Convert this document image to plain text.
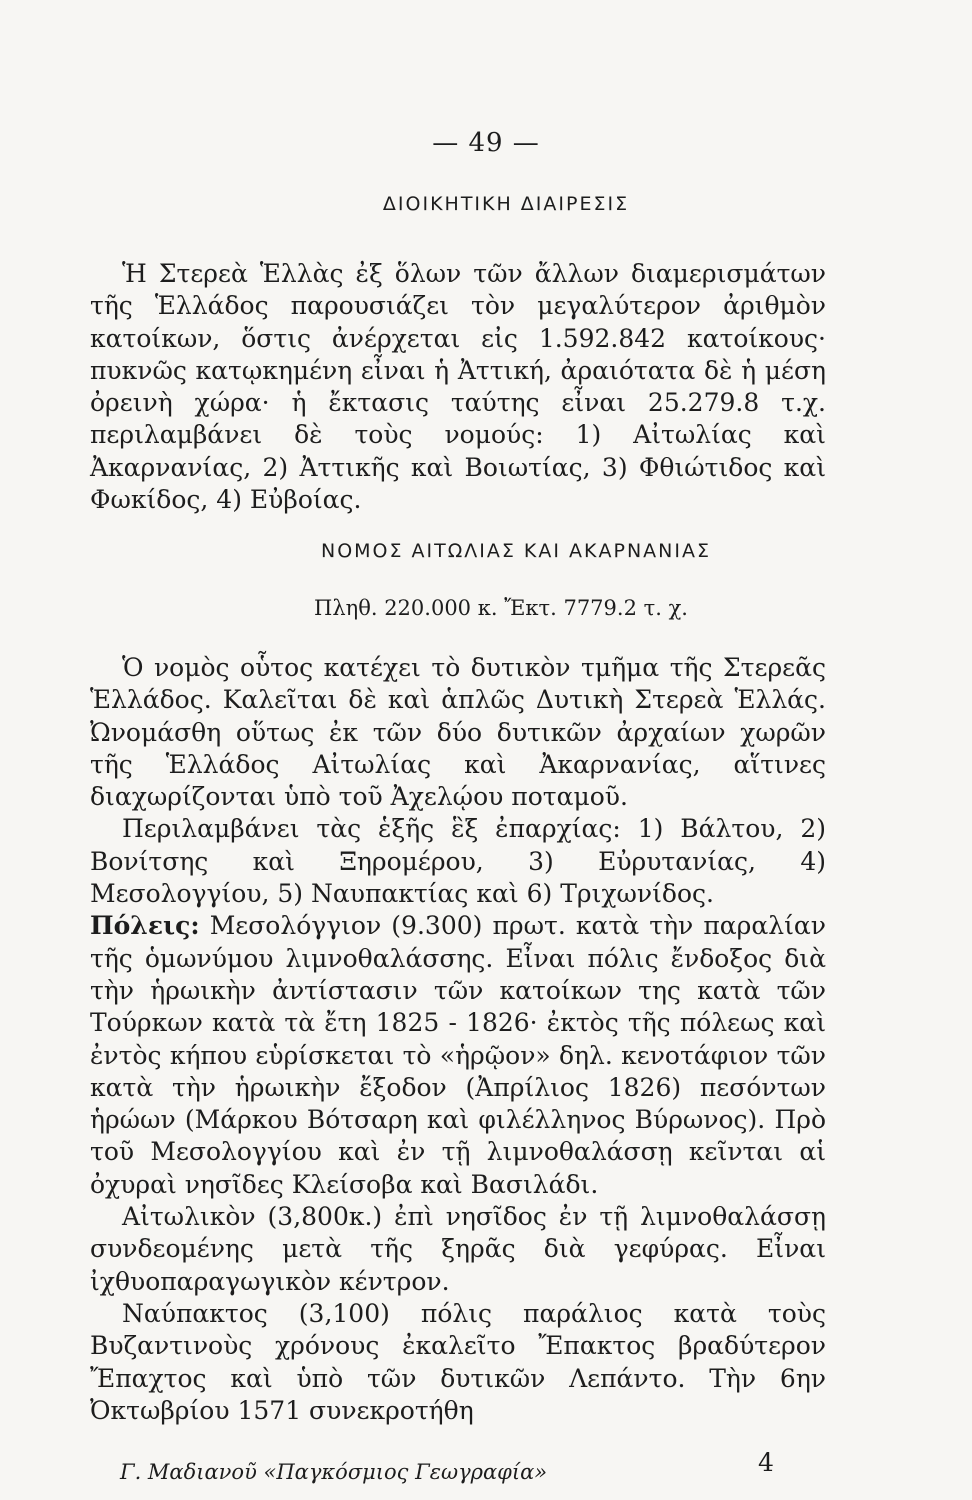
— 49 —
ΔΙΟΙΚΗΤΙΚΗ ΔΙΑΙΡΕΣΙΣ

Ἡ Στερεὰ Ἑλλὰς ἐξ ὅλων τῶν ἄλλων διαμερισμάτων τῆς Ἑλλάδος παρουσιάζει τὸν μεγαλύτερον ἀριθμὸν κατοίκων, ὅστις ἀνέρχεται εἰς 1.592.842 κατοίκους· πυκνῶς κατῳκημένη εἶναι ἡ Ἀττική, ἀραιότατα δὲ ἡ μέση ὀρεινὴ χώρα· ἡ ἔκτασις ταύτης εἶναι 25.279.8 τ.χ. περιλαμβάνει δὲ τοὺς νομούς: 1) Αἰτωλίας καὶ Ἀκαρνανίας, 2) Ἀττικῆς καὶ Βοιωτίας, 3) Φθιώτιδος καὶ Φωκίδος, 4) Εὐβοίας.

ΝΟΜΟΣ ΑΙΤΩΛΙΑΣ ΚΑΙ ΑΚΑΡΝΑΝΙΑΣ
Πληθ. 220.000 κ. Ἔκτ. 7779.2 τ. χ.

Ὁ νομὸς οὗτος κατέχει τὸ δυτικὸν τμῆμα τῆς Στερεᾶς Ἑλλάδος. Καλεῖται δὲ καὶ ἁπλῶς Δυτικὴ Στερεὰ Ἑλλάς. Ὠνομάσθη οὕτως ἐκ τῶν δύο δυτικῶν ἀρχαίων χωρῶν τῆς Ἑλλάδος Αἰτωλίας καὶ Ἀκαρνανίας, αἵτινες διαχωρίζονται ὑπὸ τοῦ Ἀχελῴου ποταμοῦ.

Περιλαμβάνει τὰς ἑξῆς ἓξ ἐπαρχίας: 1) Βάλτου, 2) Βονίτσης καὶ Ξηρομέρου, 3) Εὐρυτανίας, 4) Μεσολογγίου, 5) Ναυπακτίας καὶ 6) Τριχωνίδος.

Πόλεις: Μεσολόγγιον (9.300) πρωτ. κατὰ τὴν παραλίαν τῆς ὁμωνύμου λιμνοθαλάσσης. Εἶναι πόλις ἔνδοξος διὰ τὴν ἡρωικὴν ἀντίστασιν τῶν κατοίκων της κατὰ τῶν Τούρκων κατὰ τὰ ἔτη 1825 - 1826· ἐκτὸς τῆς πόλεως καὶ ἐντὸς κήπου εὑρίσκεται τὸ «ἡρῷον» δηλ. κενοτάφιον τῶν κατὰ τὴν ἡρωικὴν ἔξοδον (Ἀπρίλιος 1826) πεσόντων ἡρώων (Μάρκου Βότσαρη καὶ φιλέλληνος Βύρωνος). Πρὸ τοῦ Μεσολογγίου καὶ ἐν τῇ λιμνοθαλάσσῃ κεῖνται αἱ ὀχυραὶ νησῖδες Κλείσοβα καὶ Βασιλάδι.

Αἰτωλικὸν (3,800κ.) ἐπὶ νησῖδος ἐν τῇ λιμνοθαλάσσῃ συνδεομένης μετὰ τῆς ξηρᾶς διὰ γεφύρας. Εἶναι ἰχθυοπαραγωγικὸν κέντρον.

Ναύπακτος (3,100) πόλις παράλιος κατὰ τοὺς Βυζαντινοὺς χρόνους ἐκαλεῖτο Ἔπακτος βραδύτερον Ἔπαχτος καὶ ὑπὸ τῶν δυτικῶν Λεπάντο. Τὴν 6ην Ὀκτωβρίου 1571 συνεκροτήθη

Γ. Μαδιανοῦ «Παγκόσμιος Γεωγραφία»	4
